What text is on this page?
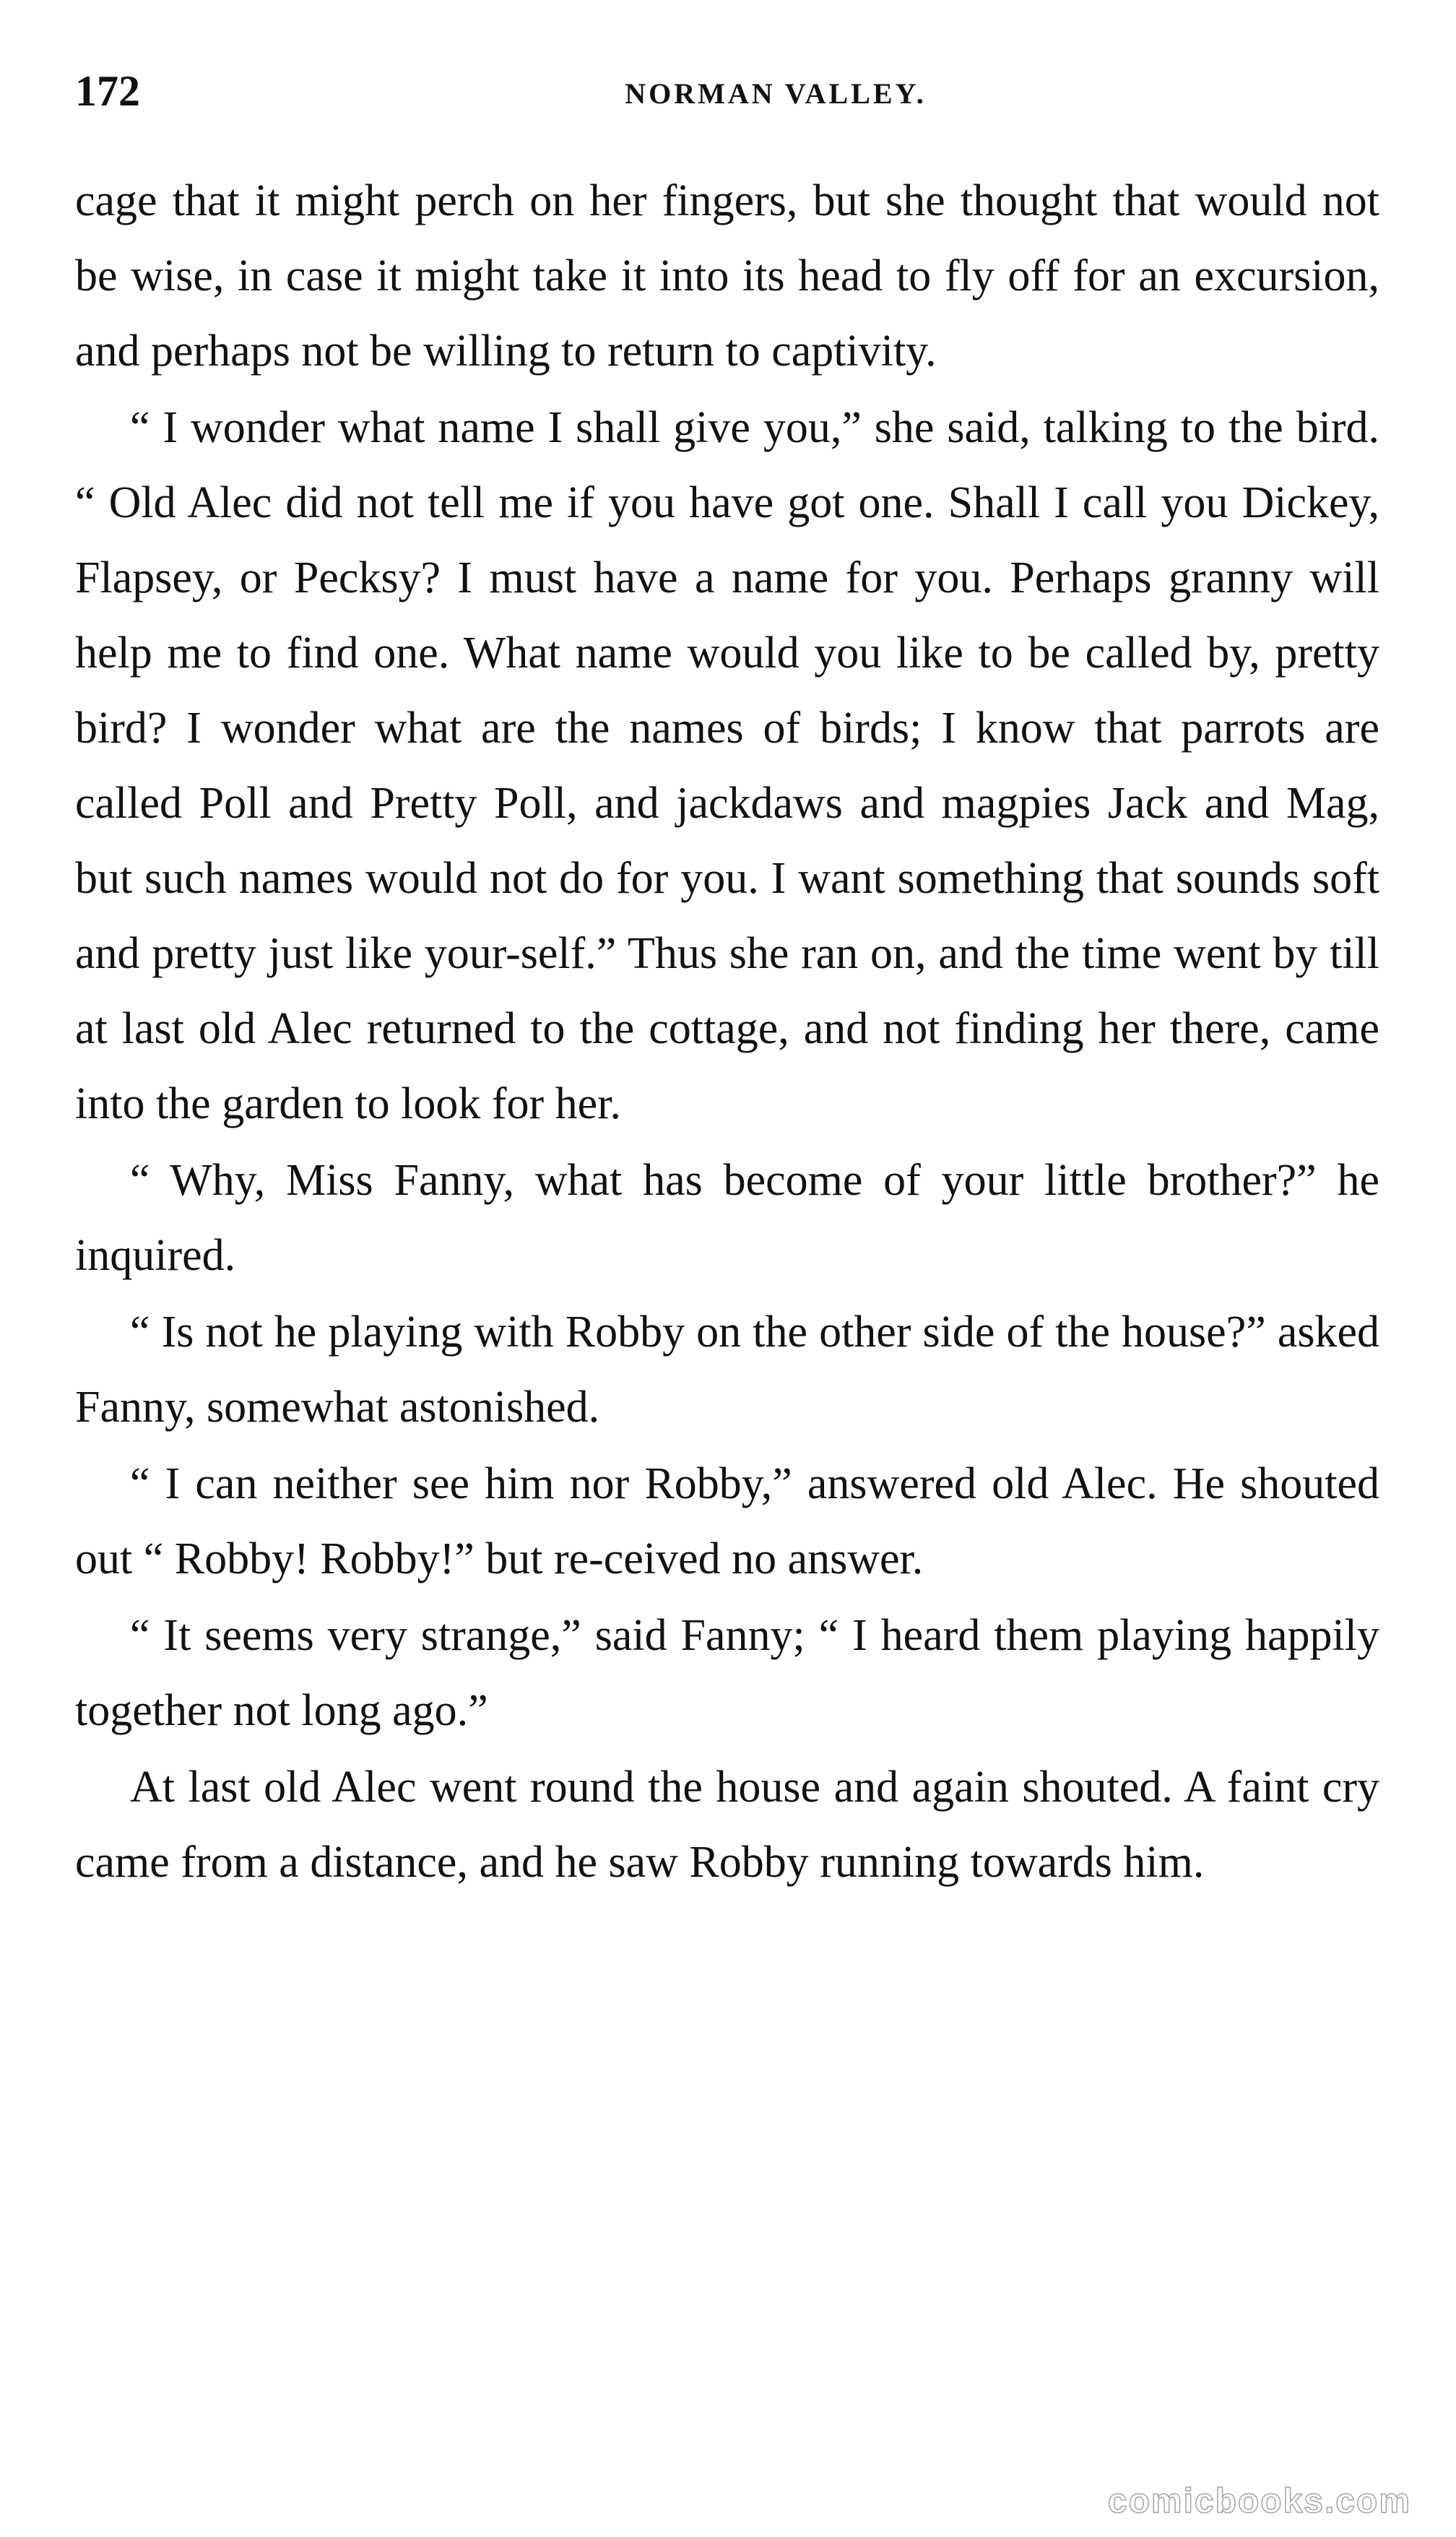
172	NORMAN VALLEY.

cage that it might perch on her fingers, but she thought that would not be wise, in case it might take it into its head to fly off for an excursion, and perhaps not be willing to return to captivity.

“ I wonder what name I shall give you,” she said, talking to the bird. “ Old Alec did not tell me if you have got one. Shall I call you Dickey, Flapsey, or Pecksy? I must have a name for you. Perhaps granny will help me to find one. What name would you like to be called by, pretty bird? I wonder what are the names of birds; I know that parrots are called Poll and Pretty Poll, and jackdaws and magpies Jack and Mag, but such names would not do for you. I want something that sounds soft and pretty just like your-self.” Thus she ran on, and the time went by till at last old Alec returned to the cottage, and not finding her there, came into the garden to look for her.

“ Why, Miss Fanny, what has become of your little brother?” he inquired.

“ Is not he playing with Robby on the other side of the house?” asked Fanny, somewhat astonished.

“ I can neither see him nor Robby,” answered old Alec. He shouted out “ Robby! Robby!” but re-ceived no answer.

“ It seems very strange,” said Fanny; “ I heard them playing happily together not long ago.”

At last old Alec went round the house and again shouted. A faint cry came from a distance, and he saw Robby running towards him.

comicbooks.com
